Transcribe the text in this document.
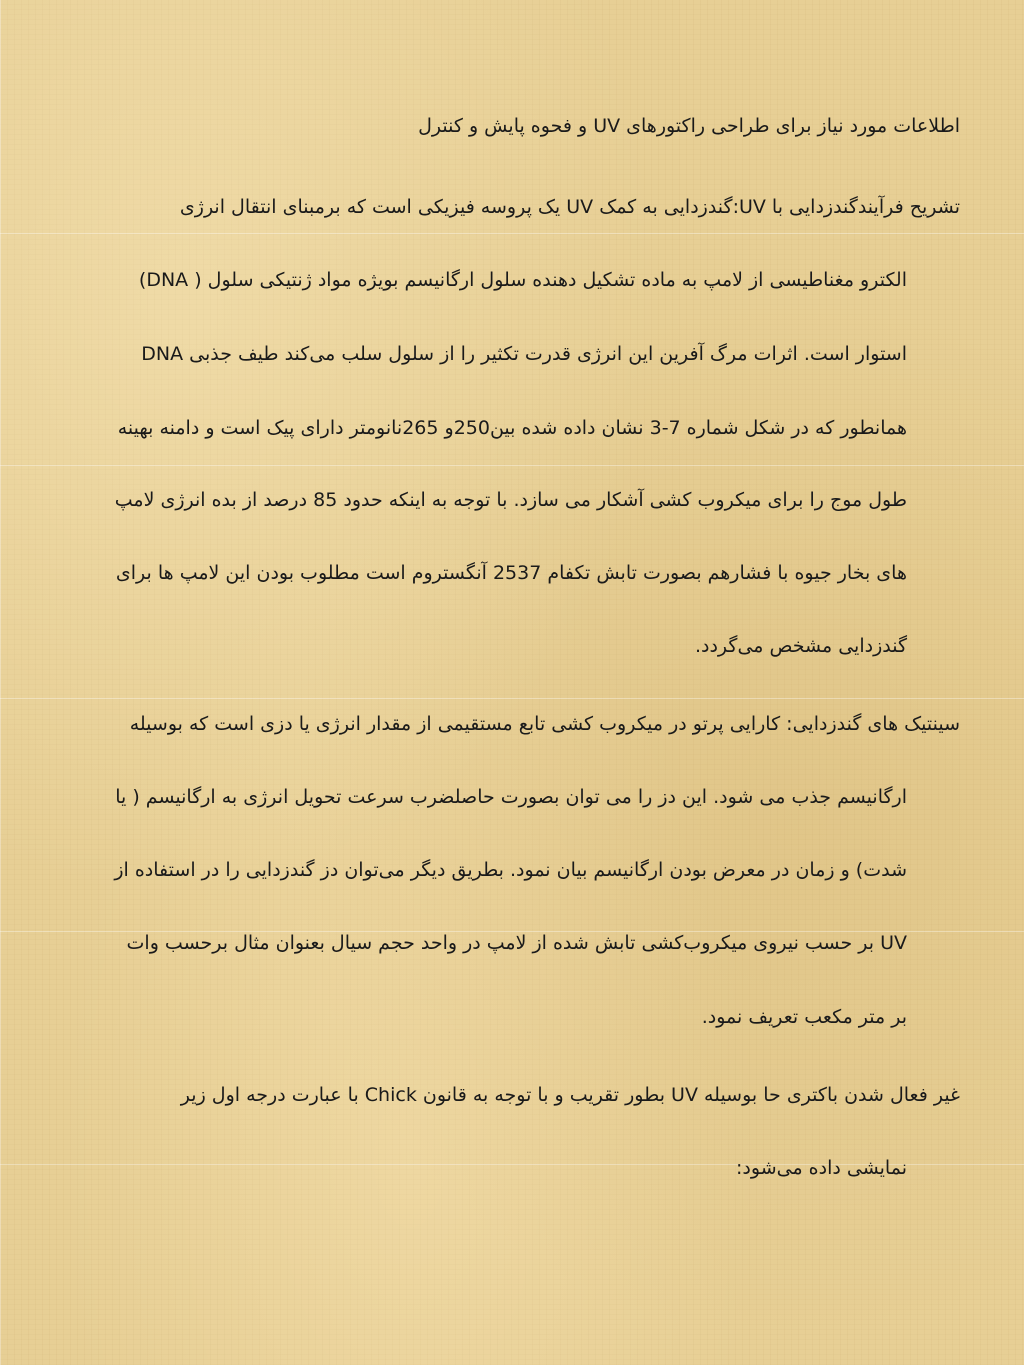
اطلاعات مورد نیاز برای طراحی راکتورهای UV و فحوه پایش و کنترل
تشریح فرآیندگندزدایی با UV:گندزدایی به کمک UV یک پروسه فیزیکی است که برمبنای انتقال انرژی
الکترو مغناطیسی از لامپ به ماده تشکیل دهنده سلول ارگانیسم بویژه مواد ژنتیکی سلول ( DNA)
استوار است. اثرات مرگ آفرین این انرژی قدرت تکثیر را از سلول سلب می‌کند طیف جذبی DNA
همانطور که در شکل شماره 7-3 نشان داده شده بین250و 265نانومتر دارای پیک است و دامنه بهینه
طول موج را برای میکروب کشی آشکار می سازد. با توجه به اینکه حدود 85 درصد از بده انرژی لامپ
های بخار جیوه با فشارهم بصورت تابش تکفام 2537 آنگستروم است مطلوب بودن این لامپ ها برای
گندزدایی مشخص می‌گردد.
سینتیک های گندزدایی: کارایی پرتو در میکروب کشی تابع مستقیمی از مقدار انرژی یا دزی است که بوسیله
ارگانیسم جذب می شود. این دز را می توان بصورت حاصلضرب سرعت تحویل انرژی به ارگانیسم ( یا
شدت) و زمان در معرض بودن ارگانیسم بیان نمود. بطریق دیگر می‌توان دز گندزدایی را در استفاده از
UV بر حسب نیروی میکروب‌کشی تابش شده از لامپ در واحد حجم سیال بعنوان مثال برحسب وات
بر متر مکعب تعریف نمود.
غیر فعال شدن باکتری حا بوسیله UV بطور تقریب و با توجه به قانون Chick با عبارت درجه اول زیر
نمایشی داده می‌شود:
